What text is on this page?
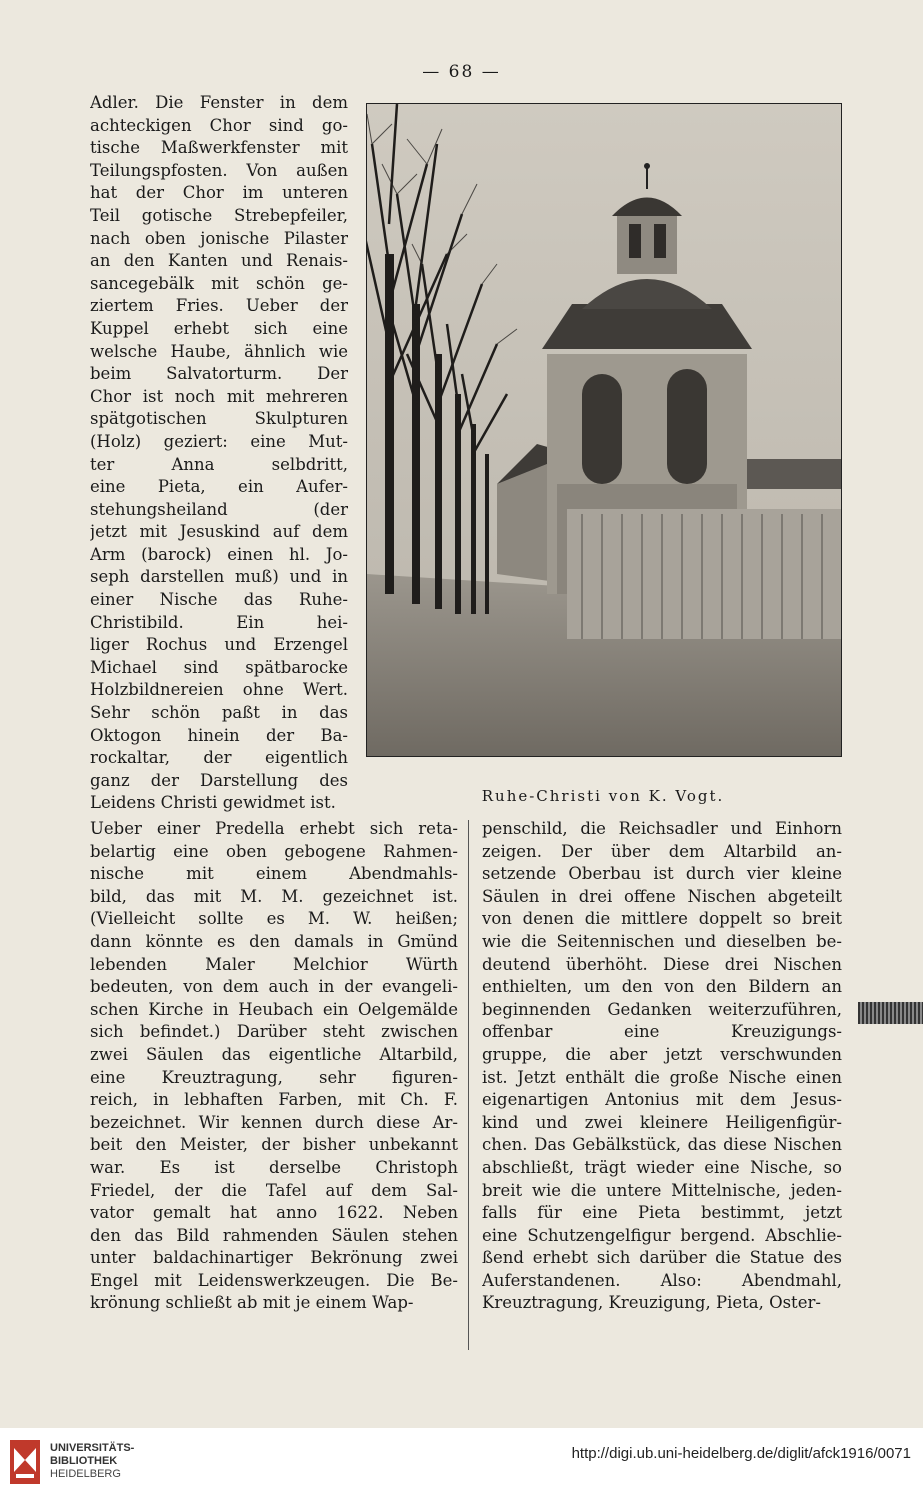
— 68 —
Adler. Die Fenster in dem
achteckigen Chor sind go-
tische Maßwerkfenster mit
Teilungspfosten. Von außen
hat der Chor im unteren
Teil gotische Strebepfeiler,
nach oben jonische Pilaster
an den Kanten und Renais-
sancegebälk mit schön ge-
ziertem Fries. Ueber der
Kuppel erhebt sich eine
welsche Haube, ähnlich wie
beim Salvatorturm. Der
Chor ist noch mit mehreren
spätgotischen Skulpturen
(Holz) geziert: eine Mut-
ter Anna selbdritt,
eine Pieta, ein Aufer-
stehungsheiland (der
jetzt mit Jesuskind auf dem
Arm (barock) einen hl. Jo-
seph darstellen muß) und in
einer Nische das Ruhe-
Christibild. Ein hei-
liger Rochus und Erzengel
Michael sind spätbarocke
Holzbildnereien ohne Wert.
Sehr schön paßt in das
Oktogon hinein der Ba-
rockaltar, der eigentlich
ganz der Darstellung des
Leidens Christi gewidmet ist.	Ruhe-Christi von K. Vogt.
Ueber einer Predella erhebt sich reta-
belartig eine oben gebogene Rahmen-
nische mit einem Abendmahls-
bild, das mit M. M. gezeichnet ist.
(Vielleicht sollte es M. W. heißen;
dann könnte es den damals in Gmünd
lebenden Maler Melchior Würth
bedeuten, von dem auch in der evangeli-
schen Kirche in Heubach ein Oelgemälde
sich befindet.) Darüber steht zwischen
zwei Säulen das eigentliche Altarbild,
eine Kreuztragung, sehr figuren-
reich, in lebhaften Farben, mit Ch. F.
bezeichnet. Wir kennen durch diese Ar-
beit den Meister, der bisher unbekannt
war. Es ist derselbe Christoph
Friedel, der die Tafel auf dem Sal-
vator gemalt hat anno 1622. Neben
den das Bild rahmenden Säulen stehen
unter baldachinartiger Bekrönung zwei
Engel mit Leidenswerkzeugen. Die Be-
krönung schließt ab mit je einem Wap-
penschild, die Reichsadler und Einhorn
zeigen. Der über dem Altarbild an-
setzende Oberbau ist durch vier kleine
Säulen in drei offene Nischen abgeteilt
von denen die mittlere doppelt so breit
wie die Seitennischen und dieselben be-
deutend überhöht. Diese drei Nischen
enthielten, um den von den Bildern an
beginnenden Gedanken weiterzuführen,
offenbar eine Kreuzigungs-
gruppe, die aber jetzt verschwunden
ist. Jetzt enthält die große Nische einen
eigenartigen Antonius mit dem Jesus-
kind und zwei kleinere Heiligenfigür-
chen. Das Gebälkstück, das diese Nischen
abschließt, trägt wieder eine Nische, so
breit wie die untere Mittelnische, jeden-
falls für eine Pieta bestimmt, jetzt
eine Schutzengelfigur bergend. Abschlie-
ßend erhebt sich darüber die Statue des
Auferstandenen. Also: Abendmahl,
Kreuztragung, Kreuzigung, Pieta, Oster-
UNIVERSITÄTS-
BIBLIOTHEK
HEIDELBERG
http://digi.ub.uni-heidelberg.de/diglit/afck1916/0071
